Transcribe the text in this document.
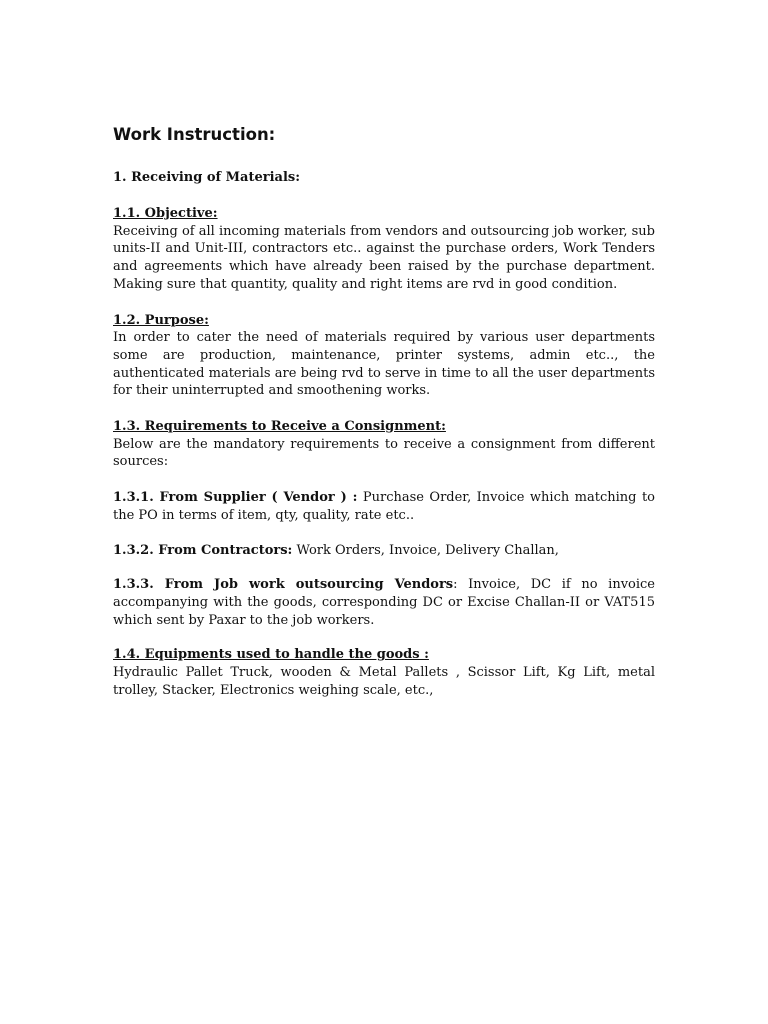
Work Instruction:
1. Receiving of Materials:
1.1. Objective:
Receiving of all incoming materials from vendors and outsourcing job worker, sub units-II and Unit-III, contractors etc.. against the purchase orders, Work Tenders and agreements which have already been raised by the purchase department. Making sure that quantity, quality and right items are rvd in good condition.
1.2. Purpose:
In order to cater the need of materials required by various user departments some are production, maintenance, printer systems, admin etc.., the authenticated materials are being rvd to serve in time to all the user departments for their uninterrupted and smoothening works.
1.3. Requirements to Receive a Consignment:
Below are the mandatory requirements to receive a consignment from different sources:
1.3.1. From Supplier ( Vendor ) : Purchase Order, Invoice which matching to the PO in terms of item, qty, quality, rate etc..
1.3.2. From Contractors: Work Orders, Invoice, Delivery Challan,
1.3.3. From Job work outsourcing Vendors: Invoice, DC if no invoice accompanying with the goods, corresponding DC or Excise Challan-II or VAT515 which sent by Paxar to the job workers.
1.4. Equipments used to handle the goods :
Hydraulic Pallet Truck, wooden & Metal Pallets , Scissor Lift, Kg Lift, metal trolley, Stacker, Electronics weighing scale, etc.,
